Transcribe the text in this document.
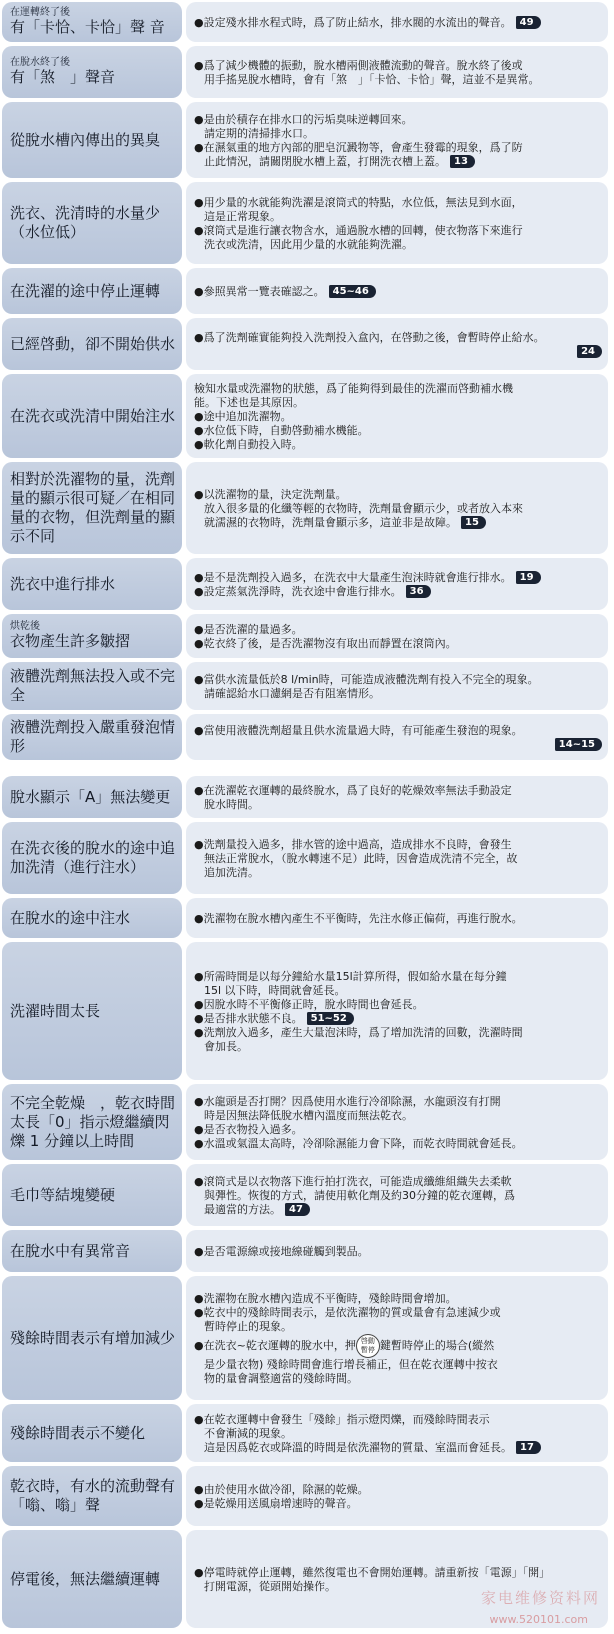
在運轉終了後
有「卡恰、卡恰」聲 音	●設定殘水排水程式時，爲了防止結水，排水閥的水流出的聲音。 49
在脫水終了後
有「煞　」聲音
●爲了減少機體的振動，脫水槽兩側液體流動的聲音。脫水終了後或
用手搖晃脫水槽時，會有「煞　」「卡恰、卡恰」聲，這並不是異常。
從脫水槽內傳出的異臭
●是由於積存在排水口的污垢臭味逆轉回來。
請定期的清掃排水口。
●在濕氣重的地方內部的肥皂沉澱物等，會產生發霉的現象，爲了防
止此情況，請關閉脫水槽上蓋，打開洗衣槽上蓋。 13
洗衣、洗清時的水量少（水位低）
●用少量的水就能夠洗濯是滾筒式的特點，水位低，無法見到水面，
這是正常現象。
●滾筒式是進行讓衣物含水，通過脫水槽的回轉，使衣物落下來進行
洗衣或洗清，因此用少量的水就能夠洗濯。
在洗濯的途中停止運轉	●參照異常一覽表確認之。 45~46
已經啓動，卻不開始供水 ●爲了洗劑確實能夠投入洗劑投入盒內，在啓動之後，會暫時停止給水。
24
在洗衣或洗清中開始注水
檢知水量或洗濯物的狀態，爲了能夠得到最佳的洗濯而啓動補水機
能。下述也是其原因。
●途中追加洗濯物。
●水位低下時，自動啓動補水機能。
●軟化劑自動投入時。
相對於洗濯物的量，洗劑量的顯示很可疑／在相同量的衣物，但洗劑量的顯示不同
●以洗濯物的量，決定洗劑量。
放入很多量的化纖等輕的衣物時，洗劑量會顯示少，或者放入本來
就濡濕的衣物時，洗劑量會顯示多，這並非是故障。 15
洗衣中進行排水	●是不是洗劑投入過多，在洗衣中大量產生泡沫時就會進行排水。 19
●設定蒸氣洗淨時，洗衣途中會進行排水。 36
烘乾後
衣物產生許多皺摺
●是否洗濯的量過多。
●乾衣終了後，是否洗濯物沒有取出而靜置在滾筒內。
液體洗劑無法投入或不完全
●當供水流量低於8 l/min時，可能造成液體洗劑有投入不完全的現象。
請確認給水口濾網是否有阻塞情形。
液體洗劑投入嚴重發泡情形
●當使用液體洗劑超量且供水流量過大時，有可能產生發泡的現象。
14~15
脫水顯示「A」無法變更	●在洗濯乾衣運轉的最終脫水，爲了良好的乾燥效率無法手動設定
脫水時間。
在洗衣後的脫水的途中追加洗清（進行注水）
●洗劑量投入過多，排水管的途中過高，造成排水不良時，會發生
無法正常脫水，（脫水轉速不足）此時，因會造成洗清不完全，故
追加洗清。
在脫水的途中注水	●洗濯物在脫水槽內產生不平衡時，先注水修正偏荷，再進行脫水。
洗濯時間太長
●所需時間是以每分鐘給水量15l計算所得，假如給水量在每分鐘
15l 以下時，時間就會延長。
●因脫水時不平衡修正時，脫水時間也會延長。
●是否排水狀態不良。 51~52
●洗劑放入過多，產生大量泡沫時，爲了增加洗清的回數，洗濯時間
會加長。
不完全乾燥　，乾衣時間太長「0」指示燈繼續閃爍 1 分鐘以上時間
●水龍頭是否打開？因爲使用水進行冷卻除濕，水龍頭沒有打開
時是因無法降低脫水槽內溫度而無法乾衣。
●是否衣物投入過多。
●水溫或氣溫太高時，冷卻除濕能力會下降，而乾衣時間就會延長。
毛巾等結塊變硬
●滾筒式是以衣物落下進行拍打洗衣，可能造成纖維組織失去柔軟
與彈性。恢復的方式，請使用軟化劑及約30分鐘的乾衣運轉，爲
最適當的方法。 47
在脫水中有異常音	●是否電源線或接地線碰觸到製品。
殘餘時間表示有增加減少
●洗濯物在脫水槽內造成不平衡時，殘餘時間會增加。
●乾衣中的殘餘時間表示，是依洗濯物的質或量會有急速減少或
暫時停止的現象。
●在洗衣~乾衣運轉的脫水中，押 啓動
暫停 鍵暫時停止的場合(縱然
是少量衣物) 殘餘時間會進行增長補正，但在乾衣運轉中按衣
物的量會調整適當的殘餘時間。
殘餘時間表示不變化
●在乾衣運轉中會發生「殘餘」指示燈閃爍，而殘餘時間表示
不會漸減的現象。
這是因爲乾衣或降溫的時間是依洗濯物的質量、室溫而會延長。 17
乾衣時，有水的流動聲有「嗡、嗡」聲
●由於使用水做冷卻，除濕的乾燥。
●是乾燥用送風扇增速時的聲音。
停電後，無法繼續運轉	●停電時就停止運轉，雖然復電也不會開始運轉。請重新按「電源」「開」
打開電源，從頭開始操作。
家电维修资料网
www.520101.com
